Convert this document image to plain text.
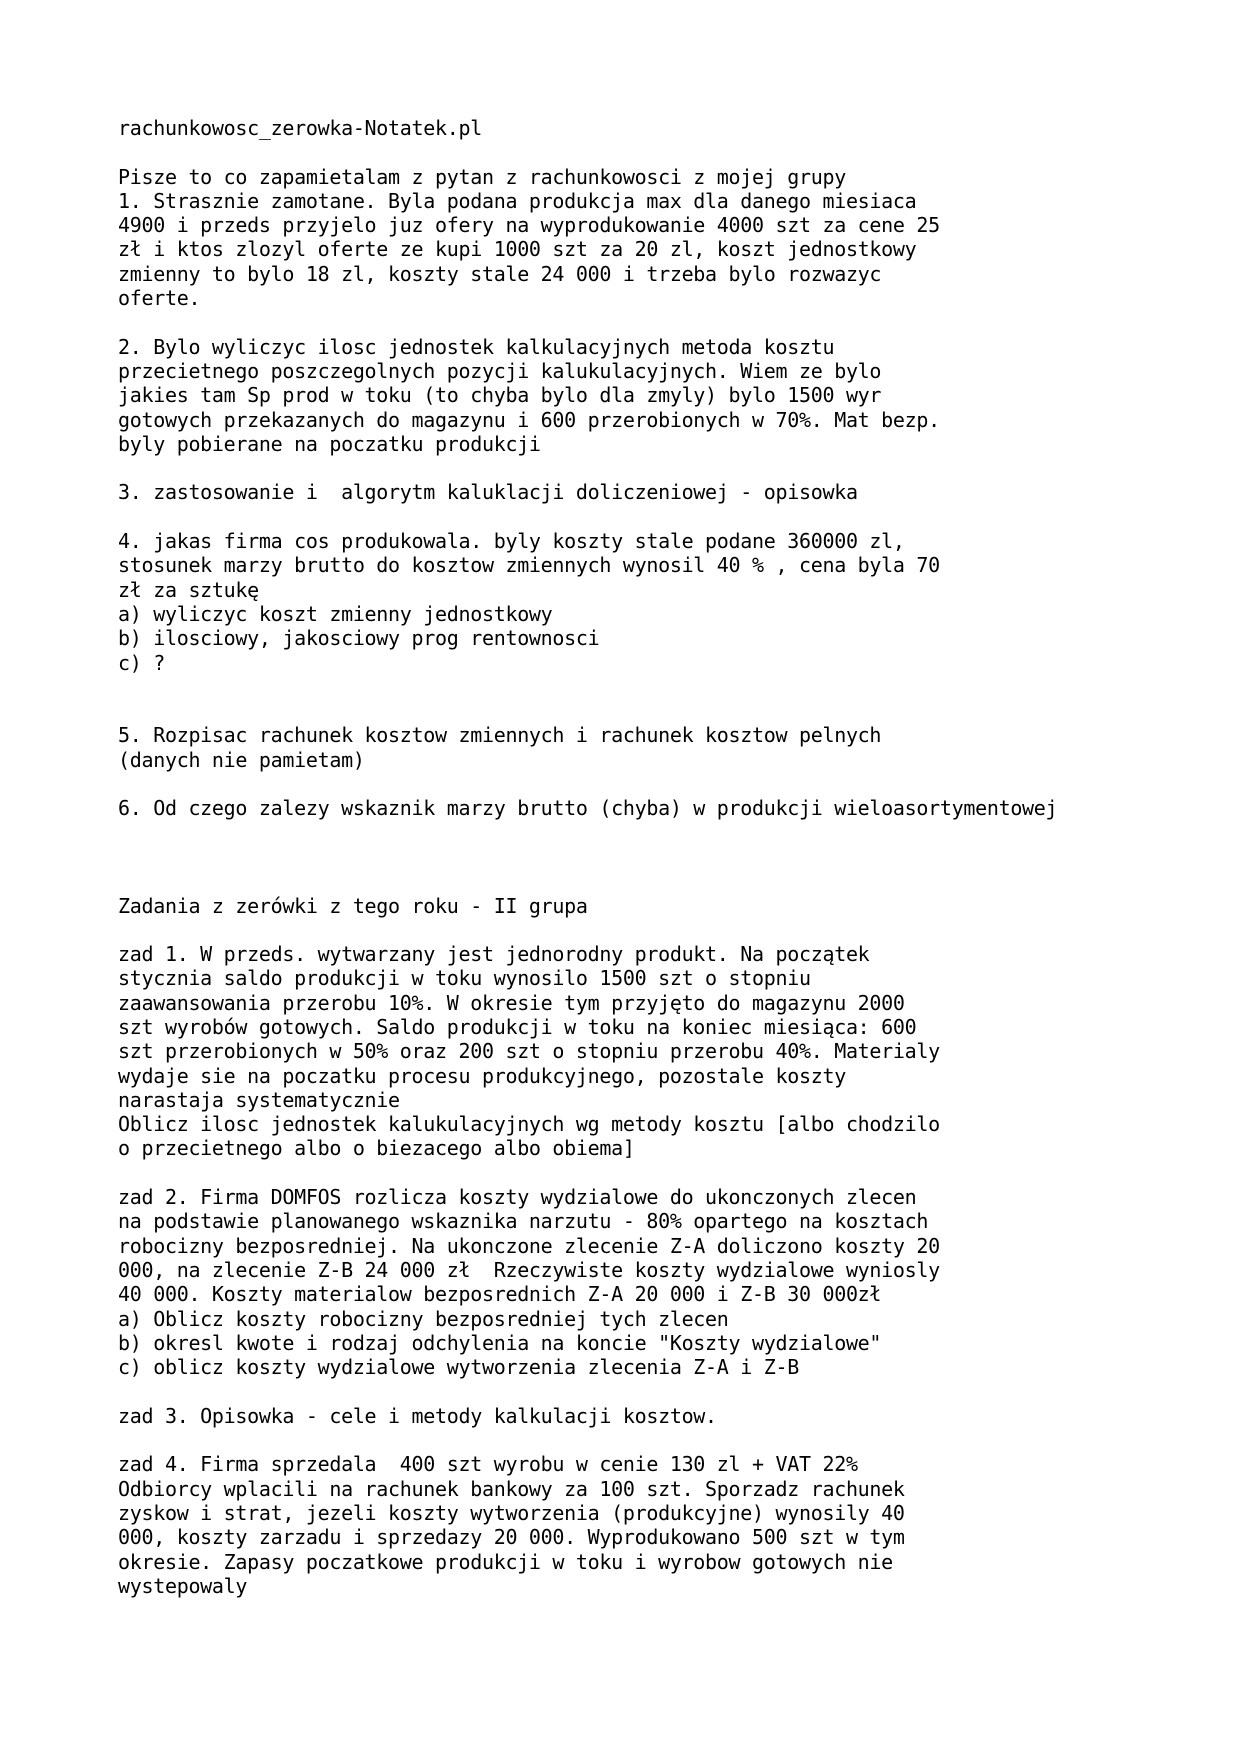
rachunkowosc_zerowka-Notatek.pl
Pisze to co zapamietalam z pytan z rachunkowosci z mojej grupy
1. Strasznie zamotane. Byla podana produkcja max dla danego miesiaca
4900 i przeds przyjelo juz ofery na wyprodukowanie 4000 szt za cene 25
zł i ktos zlozyl oferte ze kupi 1000 szt za 20 zl, koszt jednostkowy
zmienny to bylo 18 zl, koszty stale 24 000 i trzeba bylo rozwazyc
oferte.
2. Bylo wyliczyc ilosc jednostek kalkulacyjnych metoda kosztu
przecietnego poszczegolnych pozycji kalukulacyjnych. Wiem ze bylo
jakies tam Sp prod w toku (to chyba bylo dla zmyly) bylo 1500 wyr
gotowych przekazanych do magazynu i 600 przerobionych w 70%. Mat bezp.
byly pobierane na poczatku produkcji
3. zastosowanie i  algorytm kaluklacji doliczeniowej - opisowka
4. jakas firma cos produkowala. byly koszty stale podane 360000 zl,
stosunek marzy brutto do kosztow zmiennych wynosil 40 % , cena byla 70
zł za sztukę
a) wyliczyc koszt zmienny jednostkowy
b) ilosciowy, jakosciowy prog rentownosci
c) ?
5. Rozpisac rachunek kosztow zmiennych i rachunek kosztow pelnych
(danych nie pamietam)
6. Od czego zalezy wskaznik marzy brutto (chyba) w produkcji wieloasortymentowej
Zadania z zerówki z tego roku - II grupa
zad 1. W przeds. wytwarzany jest jednorodny produkt. Na początek
stycznia saldo produkcji w toku wynosilo 1500 szt o stopniu
zaawansowania przerobu 10%. W okresie tym przyjęto do magazynu 2000
szt wyrobów gotowych. Saldo produkcji w toku na koniec miesiąca: 600
szt przerobionych w 50% oraz 200 szt o stopniu przerobu 40%. Materialy
wydaje sie na poczatku procesu produkcyjnego, pozostale koszty
narastaja systematycznie
Oblicz ilosc jednostek kalukulacyjnych wg metody kosztu [albo chodzilo
o przecietnego albo o biezacego albo obiema]
zad 2. Firma DOMFOS rozlicza koszty wydzialowe do ukonczonych zlecen
na podstawie planowanego wskaznika narzutu - 80% opartego na kosztach
robocizny bezposredniej. Na ukonczone zlecenie Z-A doliczono koszty 20
000, na zlecenie Z-B 24 000 zł  Rzeczywiste koszty wydzialowe wyniosly
40 000. Koszty materialow bezposrednich Z-A 20 000 i Z-B 30 000zł
a) Oblicz koszty robocizny bezposredniej tych zlecen
b) okresl kwote i rodzaj odchylenia na koncie "Koszty wydzialowe"
c) oblicz koszty wydzialowe wytworzenia zlecenia Z-A i Z-B
zad 3. Opisowka - cele i metody kalkulacji kosztow.
zad 4. Firma sprzedala  400 szt wyrobu w cenie 130 zl + VAT 22%
Odbiorcy wplacili na rachunek bankowy za 100 szt. Sporzadz rachunek
zyskow i strat, jezeli koszty wytworzenia (produkcyjne) wynosily 40
000, koszty zarzadu i sprzedazy 20 000. Wyprodukowano 500 szt w tym
okresie. Zapasy poczatkowe produkcji w toku i wyrobow gotowych nie
wystepowaly
